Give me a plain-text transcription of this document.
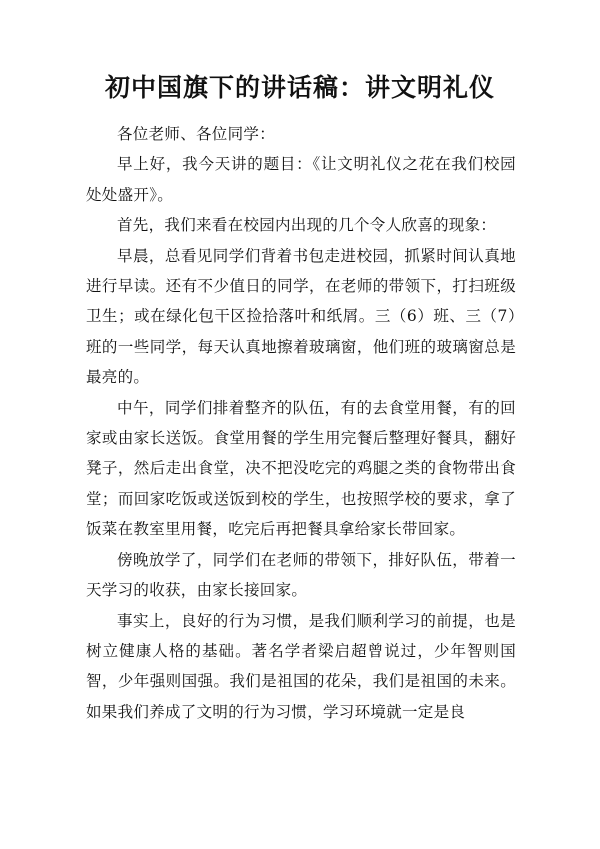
初中国旗下的讲话稿：讲文明礼仪

各位老师、各位同学：

早上好，我今天讲的题目：《让文明礼仪之花在我们校园处处盛开》。

首先，我们来看在校园内出现的几个令人欣喜的现象：

早晨，总看见同学们背着书包走进校园，抓紧时间认真地进行早读。还有不少值日的同学，在老师的带领下，打扫班级卫生；或在绿化包干区捡拾落叶和纸屑。三（6）班、三（7）班的一些同学，每天认真地擦着玻璃窗，他们班的玻璃窗总是最亮的。

中午，同学们排着整齐的队伍，有的去食堂用餐，有的回家或由家长送饭。食堂用餐的学生用完餐后整理好餐具，翻好凳子，然后走出食堂，决不把没吃完的鸡腿之类的食物带出食堂；而回家吃饭或送饭到校的学生，也按照学校的要求，拿了饭菜在教室里用餐，吃完后再把餐具拿给家长带回家。

傍晚放学了，同学们在老师的带领下，排好队伍，带着一天学习的收获，由家长接回家。

事实上，良好的行为习惯，是我们顺利学习的前提，也是树立健康人格的基础。著名学者梁启超曾说过，少年智则国智，少年强则国强。我们是祖国的花朵，我们是祖国的未来。如果我们养成了文明的行为习惯，学习环境就一定是良
